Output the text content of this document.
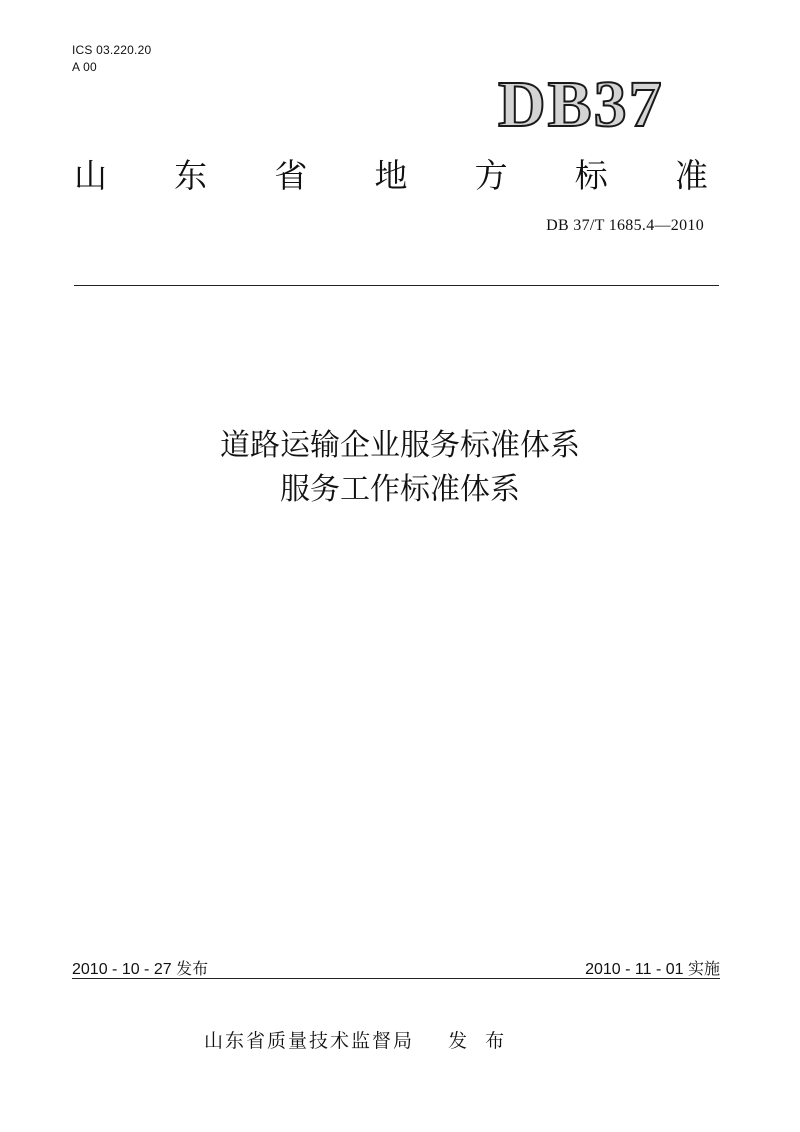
ICS 03.220.20
A 00
DB37
山 东 省 地 方 标 准
DB 37/T 1685.4—2010
道路运输企业服务标准体系
服务工作标准体系
2010 - 10 - 27 发布	2010 - 11 - 01 实施
山东省质量技术监督局 发 布
